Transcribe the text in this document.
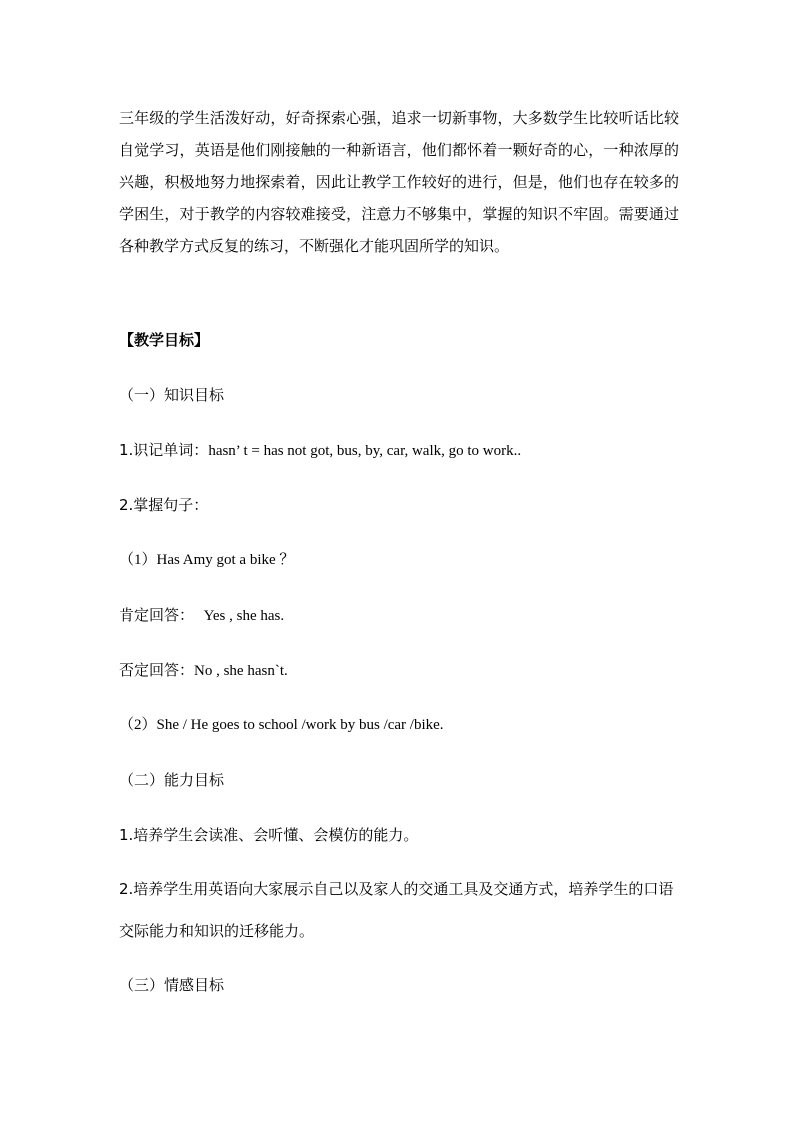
三年级的学生活泼好动，好奇探索心强，追求一切新事物，大多数学生比较听话比较自觉学习，英语是他们刚接触的一种新语言，他们都怀着一颗好奇的心，一种浓厚的兴趣，积极地努力地探索着，因此让教学工作较好的进行，但是，他们也存在较多的学困生，对于教学的内容较难接受，注意力不够集中，掌握的知识不牢固。需要通过各种教学方式反复的练习，不断强化才能巩固所学的知识。

【教学目标】
（一）知识目标
1.识记单词：hasn’ t = has not got, bus, by, car, walk, go to work..
2.掌握句子：
（1）Has Amy got a bike ？
肯定回答： Yes , she has.
否定回答：No , she hasn`t.
（2）She / He goes to school /work by bus /car /bike.
（二）能力目标
1.培养学生会读准、会听懂、会模仿的能力。

2.培养学生用英语向大家展示自己以及家人的交通工具及交通方式，培养学生的口语交际能力和知识的迁移能力。

（三）情感目标
